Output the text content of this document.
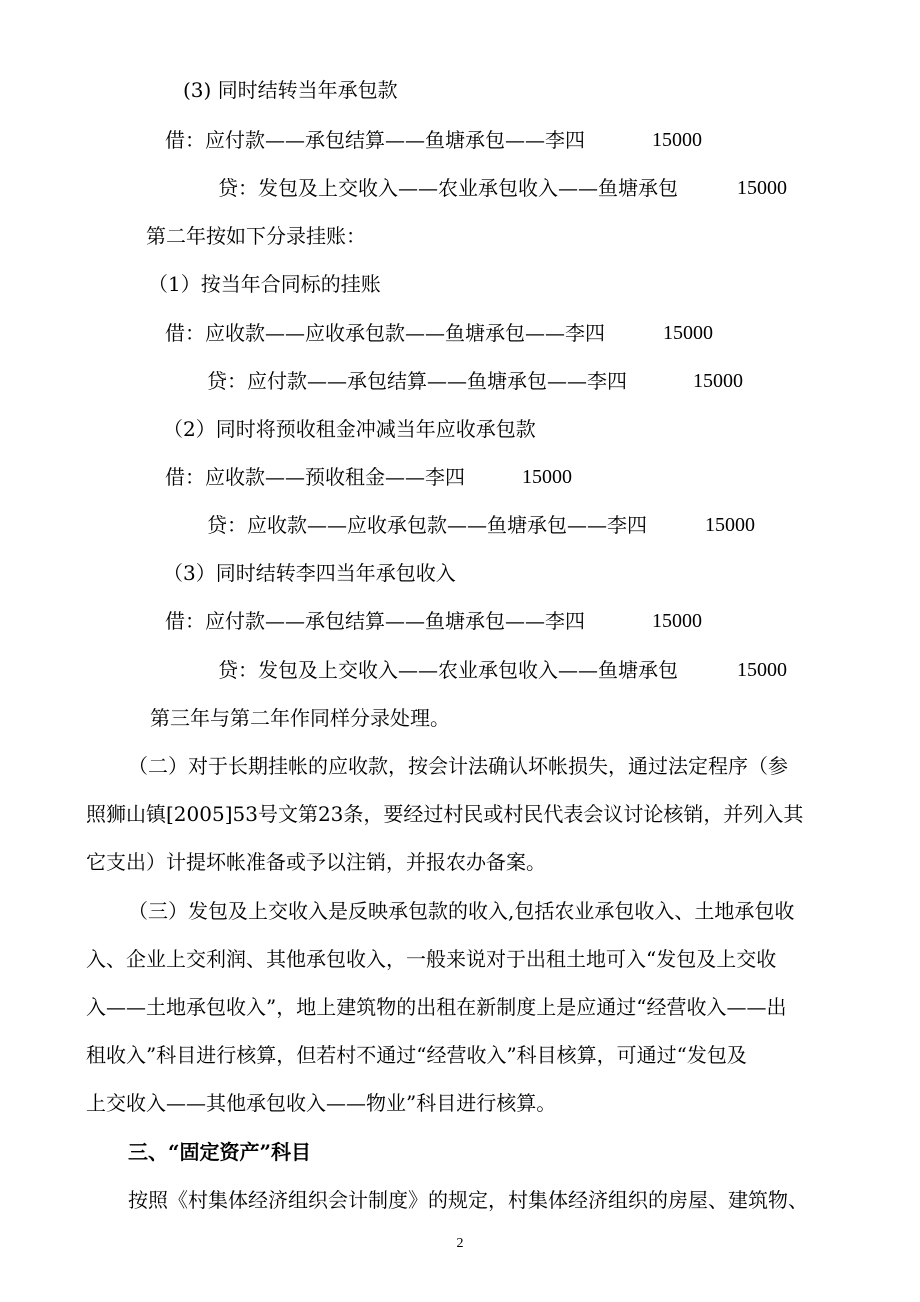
(3) 同时结转当年承包款

借：应付款——承包结算——鱼塘承包——李四	15000

贷：发包及上交收入——农业承包收入——鱼塘承包	15000

第二年按如下分录挂账：

（1）按当年合同标的挂账

借：应收款——应收承包款——鱼塘承包——李四	15000

贷：应付款——承包结算——鱼塘承包——李四	15000

（2）同时将预收租金冲减当年应收承包款

借：应收款——预收租金——李四	15000

贷：应收款——应收承包款——鱼塘承包——李四	15000

（3）同时结转李四当年承包收入

借：应付款——承包结算——鱼塘承包——李四	15000

贷：发包及上交收入——农业承包收入——鱼塘承包	15000

第三年与第二年作同样分录处理。

（二）对于长期挂帐的应收款，按会计法确认坏帐损失，通过法定程序（参

照狮山镇[2005]53号文第23条，要经过村民或村民代表会议讨论核销，并列入其

它支出）计提坏帐准备或予以注销，并报农办备案。

（三）发包及上交收入是反映承包款的收入,包括农业承包收入、土地承包收

入、企业上交利润、其他承包收入，一般来说对于出租土地可入“发包及上交收

入——土地承包收入”，地上建筑物的出租在新制度上是应通过“经营收入——出

租收入”科目进行核算，但若村不通过“经营收入”科目核算，可通过“发包及

上交收入——其他承包收入——物业”科目进行核算。

三、“固定资产”科目

按照《村集体经济组织会计制度》的规定，村集体经济组织的房屋、建筑物、

2
